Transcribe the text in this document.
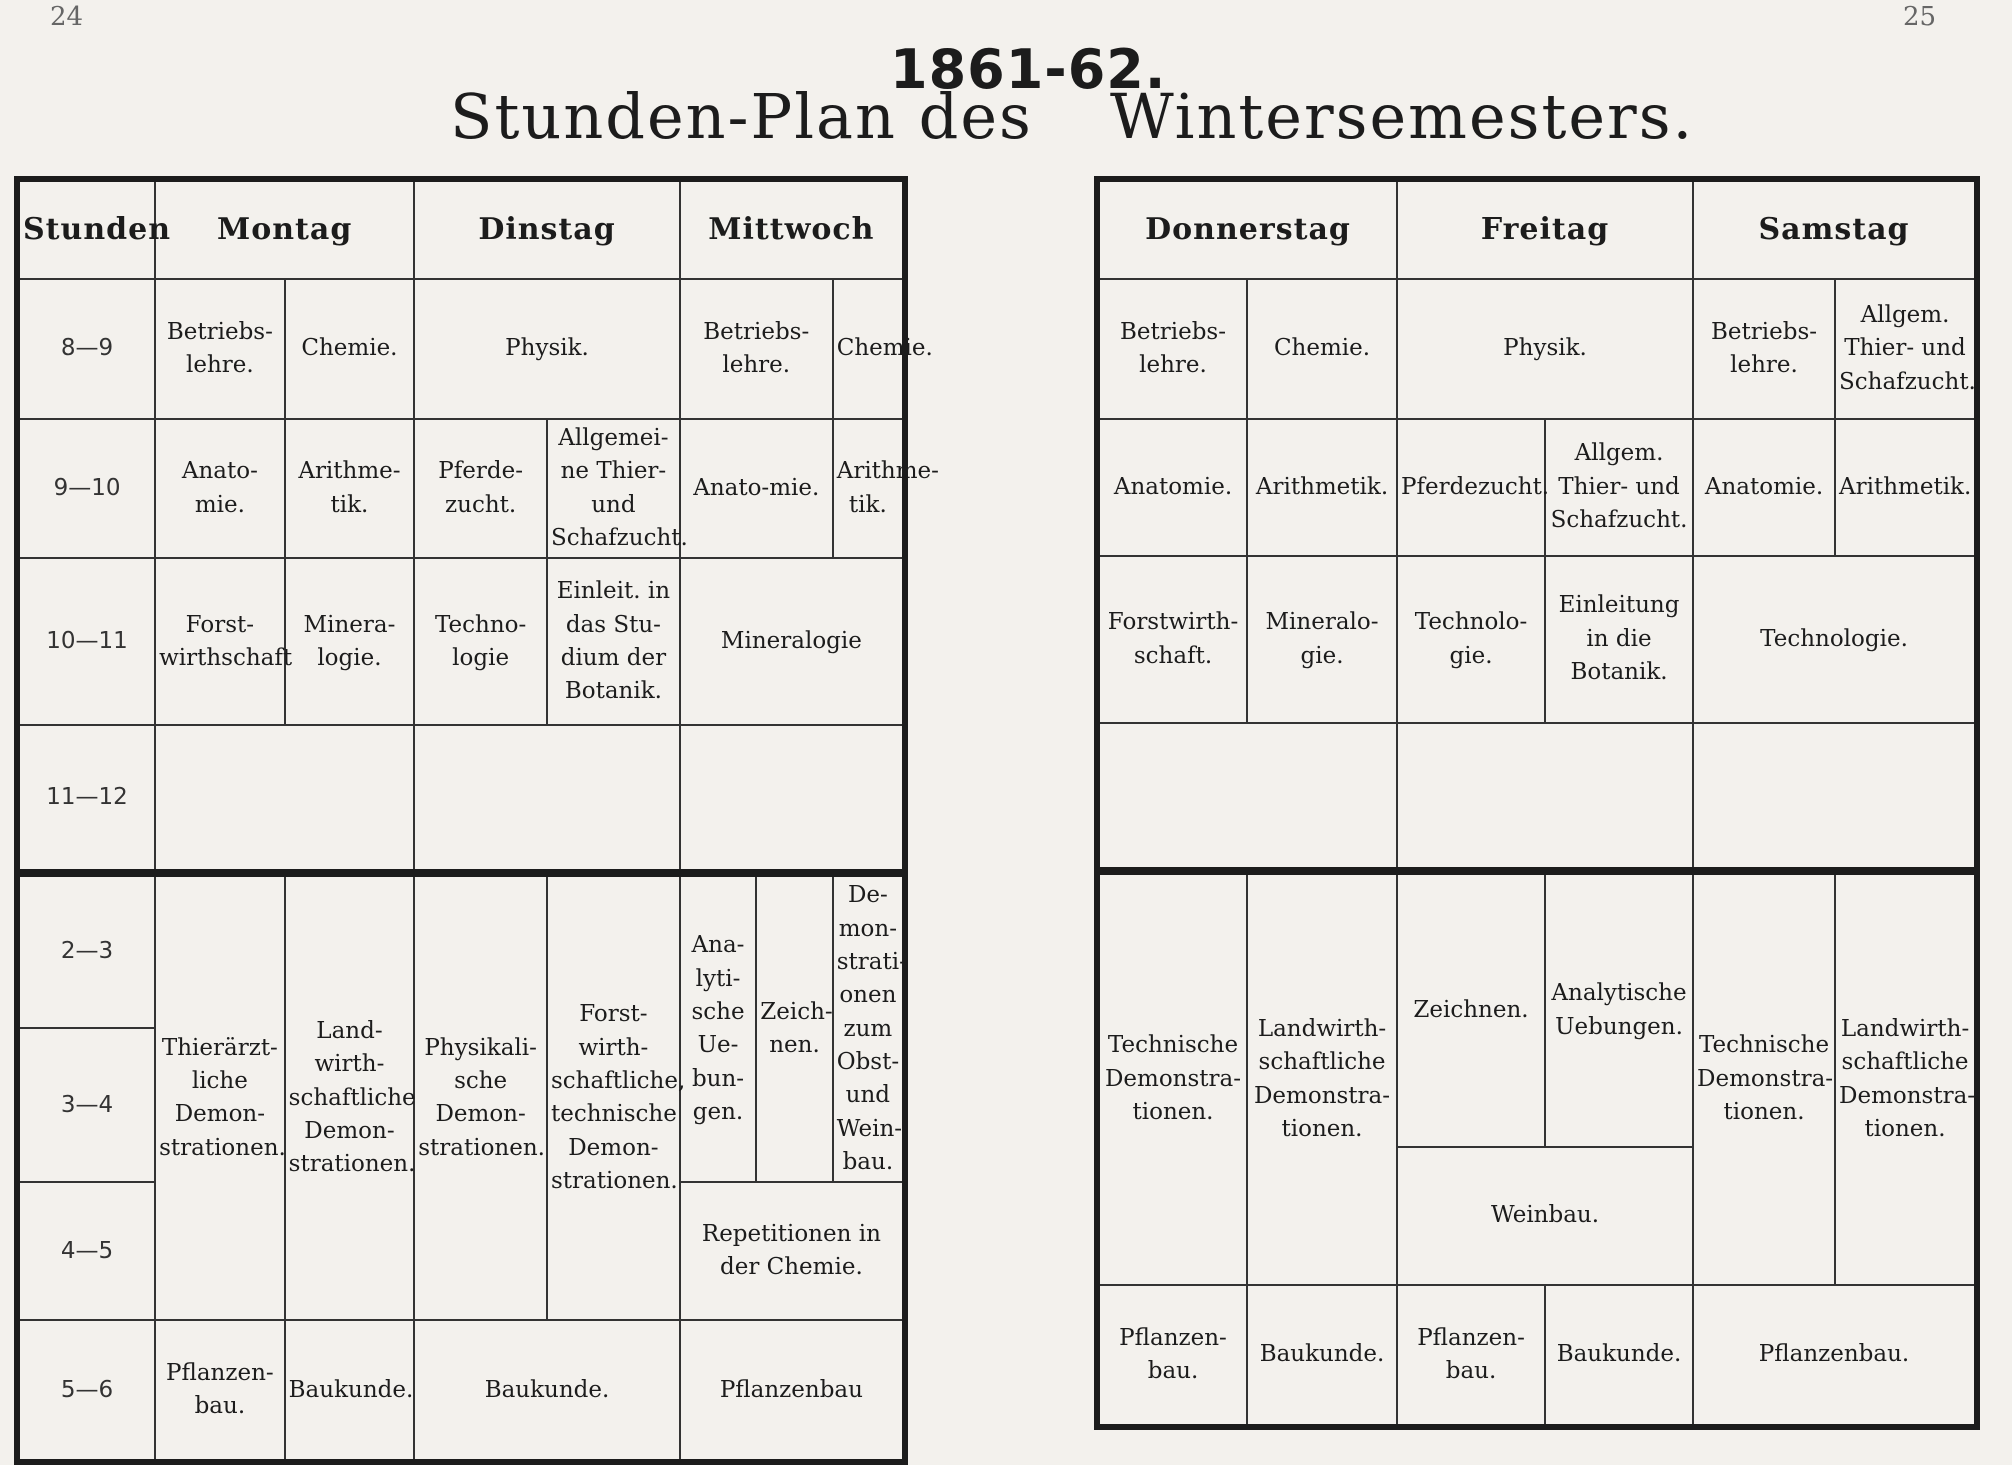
24	25
1861-62.
Stunden-Plan des Wintersemesters.
Stunden	Montag		Dinstag		Mittwoch		
8—9	Betriebs-lehre.	Chemie.	Physik.		Betriebs-lehre.		Chemie.
9—10	Anato-mie.	Arithme-tik.	Pferde-zucht.	Allgemei-ne Thier-und Schafzucht.	Anato-mie.		Arithme-tik.
10—11	Forst-wirthschaft	Minera-logie.	Techno-logie	Einleit. in das Stu-dium der Botanik.	Mineralogie		
11—12							
2—3	Thierärzt-liche Demon-strationen.	Land-wirth-schaftliche Demon-strationen.	Physikali-sche Demon-strationen.	Forst-wirth-schaftliche, technische Demon-strationen.	Ana-lyti-sche Ue-bun-gen.	Zeich-nen.	De-mon-strati-onen zum Obst-und Wein-bau.
3—4							
4—5					Repetitionen in der Chemie.		
5—6	Pflanzen-bau.	Baukunde.	Baukunde.		Pflanzenbau		
Donnerstag		Freitag		Samstag	
Betriebs-lehre.	Chemie.	Physik.		Betriebs-lehre.	Allgem. Thier- und Schafzucht.
Anatomie.	Arithmetik.	Pferdezucht.	Allgem. Thier- und Schafzucht.	Anatomie.	Arithmetik.
Forstwirth-schaft.	Mineralo-gie.	Technolo-gie.	Einleitung in die Botanik.	Technologie.	

Technische Demonstra-tionen.	Landwirth-schaftliche Demonstra-tionen.	Zeichnen.	Analytische Uebungen.	Technische Demonstra-tionen.	Landwirth-schaftliche Demonstra-tionen.

		Weinbau.			
Pflanzen-bau.	Baukunde.	Pflanzen-bau.	Baukunde.	Pflanzenbau.	
